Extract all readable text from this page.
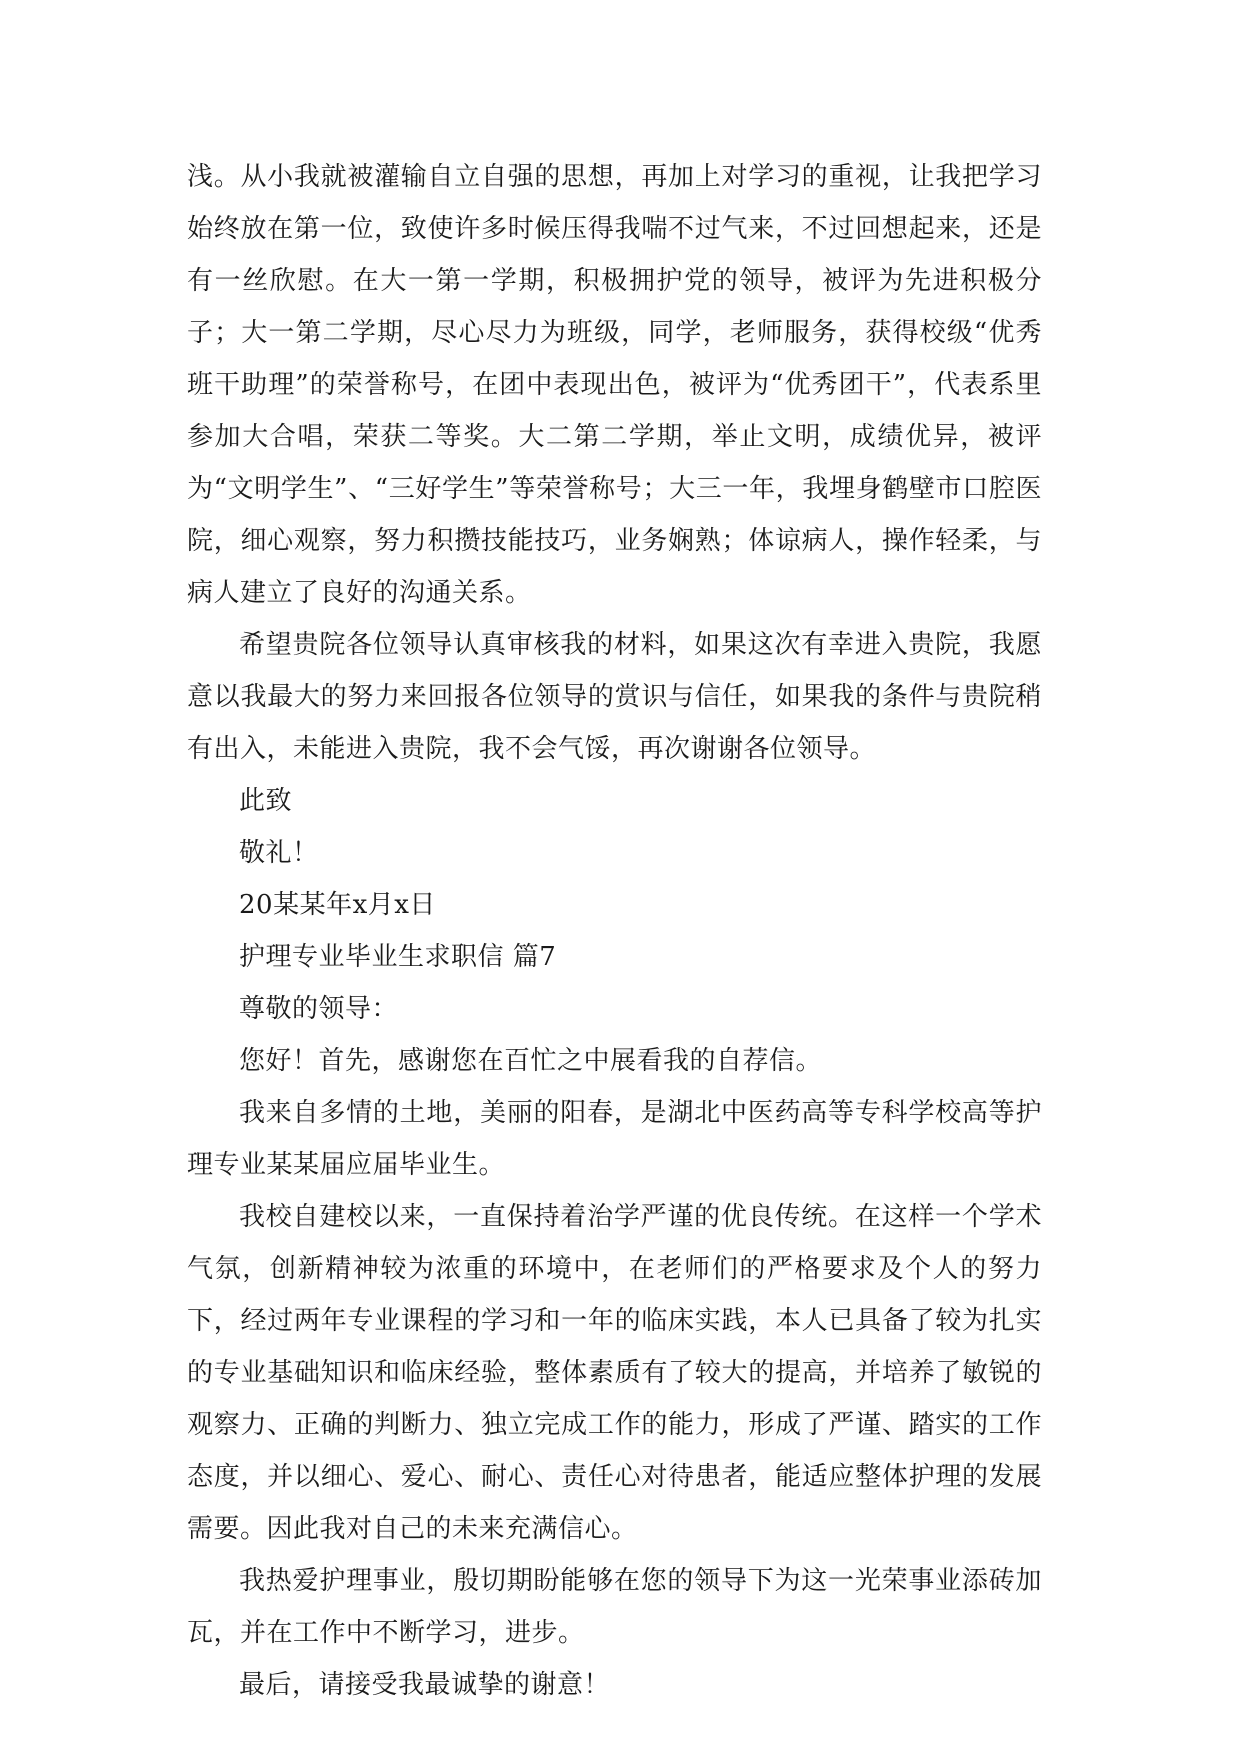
浅。从小我就被灌输自立自强的思想，再加上对学习的重视，让我把学习始终放在第一位，致使许多时候压得我喘不过气来，不过回想起来，还是有一丝欣慰。在大一第一学期，积极拥护党的领导，被评为先进积极分子；大一第二学期，尽心尽力为班级，同学，老师服务，获得校级“优秀班干助理”的荣誉称号，在团中表现出色，被评为“优秀团干”，代表系里参加大合唱，荣获二等奖。大二第二学期，举止文明，成绩优异，被评为“文明学生”、“三好学生”等荣誉称号；大三一年，我埋身鹤壁市口腔医院，细心观察，努力积攒技能技巧，业务娴熟；体谅病人，操作轻柔，与病人建立了良好的沟通关系。

希望贵院各位领导认真审核我的材料，如果这次有幸进入贵院，我愿意以我最大的努力来回报各位领导的赏识与信任，如果我的条件与贵院稍有出入，未能进入贵院，我不会气馁，再次谢谢各位领导。

此致

敬礼！

20某某年x月x日

护理专业毕业生求职信 篇7

尊敬的领导：

您好！首先，感谢您在百忙之中展看我的自荐信。

我来自多情的土地，美丽的阳春，是湖北中医药高等专科学校高等护理专业某某届应届毕业生。

我校自建校以来，一直保持着治学严谨的优良传统。在这样一个学术气氛，创新精神较为浓重的环境中，在老师们的严格要求及个人的努力下，经过两年专业课程的学习和一年的临床实践，本人已具备了较为扎实的专业基础知识和临床经验，整体素质有了较大的提高，并培养了敏锐的观察力、正确的判断力、独立完成工作的能力，形成了严谨、踏实的工作态度，并以细心、爱心、耐心、责任心对待患者，能适应整体护理的发展需要。因此我对自己的未来充满信心。

我热爱护理事业，殷切期盼能够在您的领导下为这一光荣事业添砖加瓦，并在工作中不断学习，进步。

最后，请接受我最诚挚的谢意！
